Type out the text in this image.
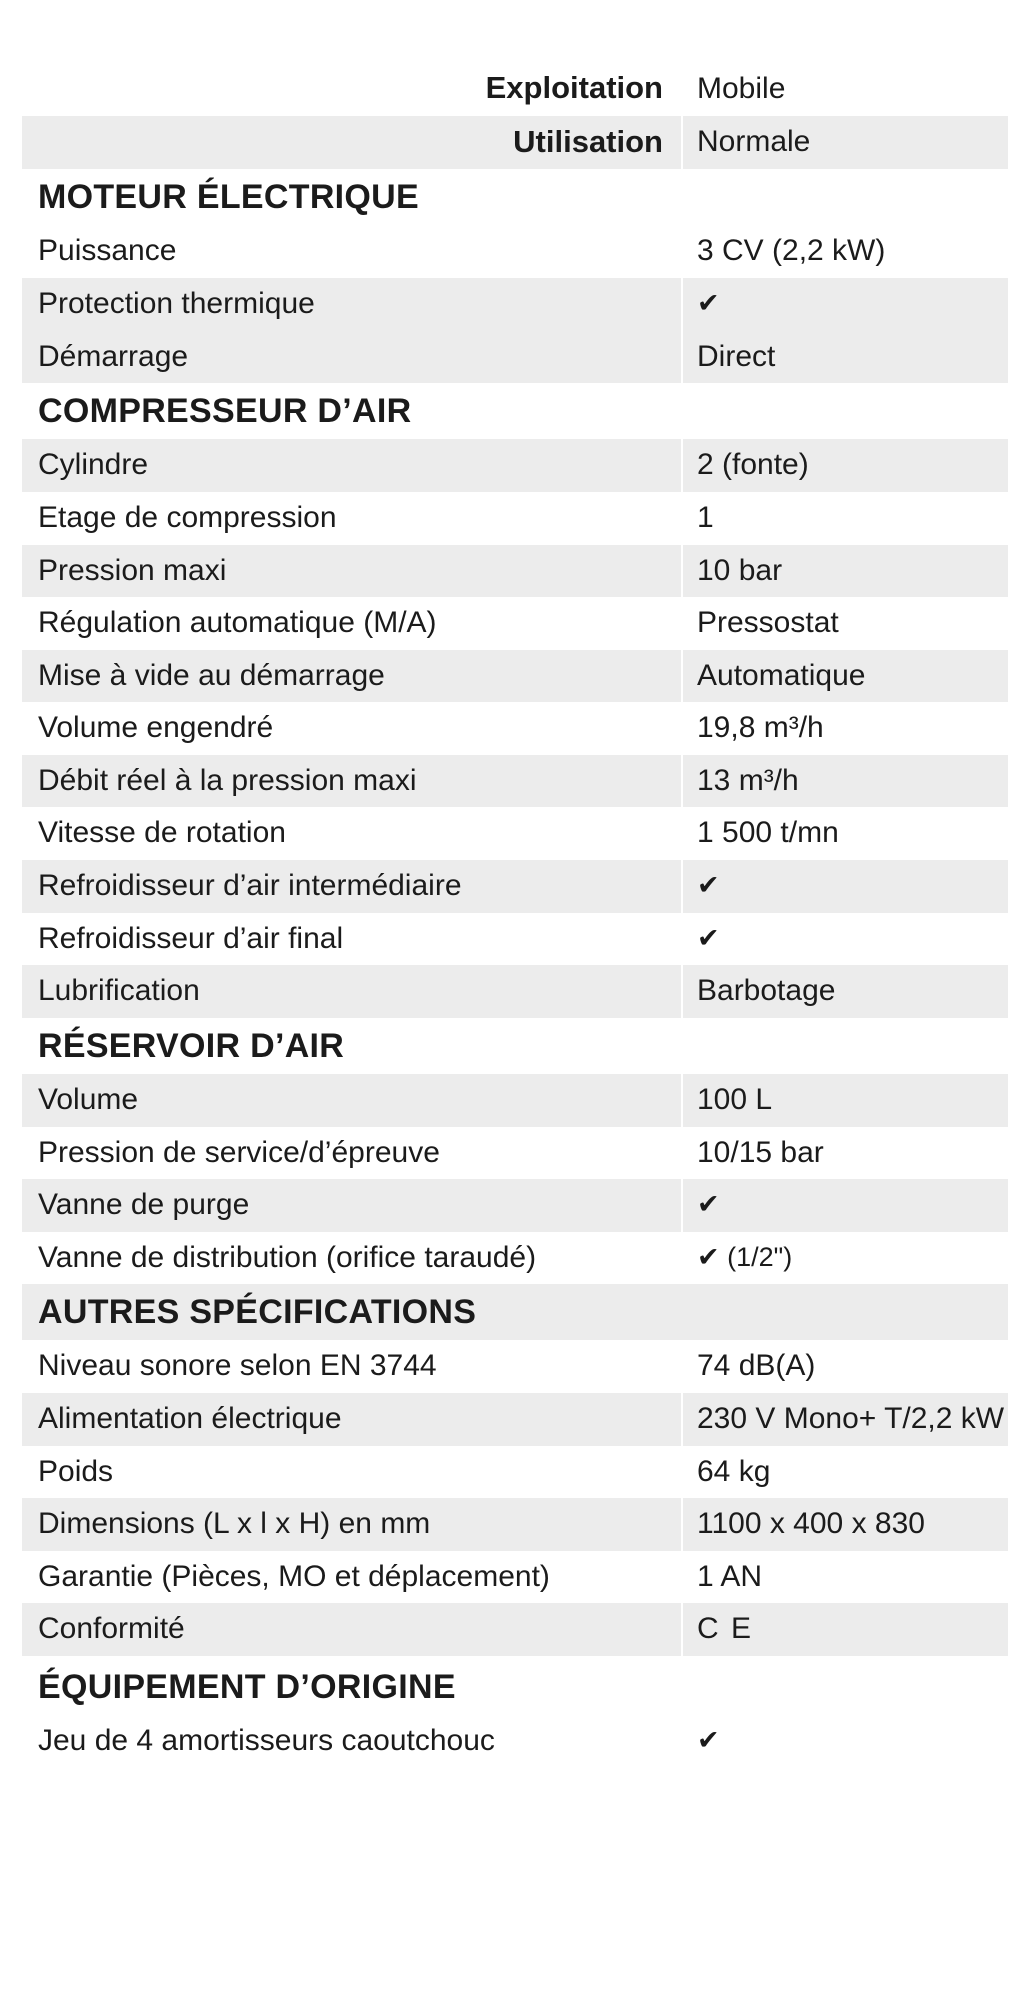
	100 348 M
Exploitation	Mobile
Utilisation	Normale
MOTEUR ÉLECTRIQUE	
Puissance	3 CV (2,2 kW)
Protection thermique	✔
Démarrage	Direct
COMPRESSEUR D’AIR	
Cylindre	2 (fonte)
Etage de compression	1
Pression maxi	10 bar
Régulation automatique (M/A)	Pressostat
Mise à vide au démarrage	Automatique
Volume engendré	19,8 m³/h
Débit réel à la pression maxi	13 m³/h
Vitesse de rotation	1 500 t/mn
Refroidisseur d’air intermédiaire	✔
Refroidisseur d’air final	✔
Lubrification	Barbotage
RÉSERVOIR D’AIR	
Volume	100 L
Pression de service/d’épreuve	10/15 bar
Vanne de purge	✔
Vanne de distribution (orifice taraudé)	✔ (1/2")
AUTRES SPÉCIFICATIONS	
Niveau sonore selon EN 3744	74 dB(A)
Alimentation électrique	230 V Mono+ T/2,2 kW
Poids	64 kg
Dimensions (L x l x H) en mm	1100 x 400 x 830
Garantie (Pièces, MO et déplacement)	1 AN
Conformité	C E

ÉQUIPEMENT D’ORIGINE	
Jeu de 4 amortisseurs caoutchouc	✔
